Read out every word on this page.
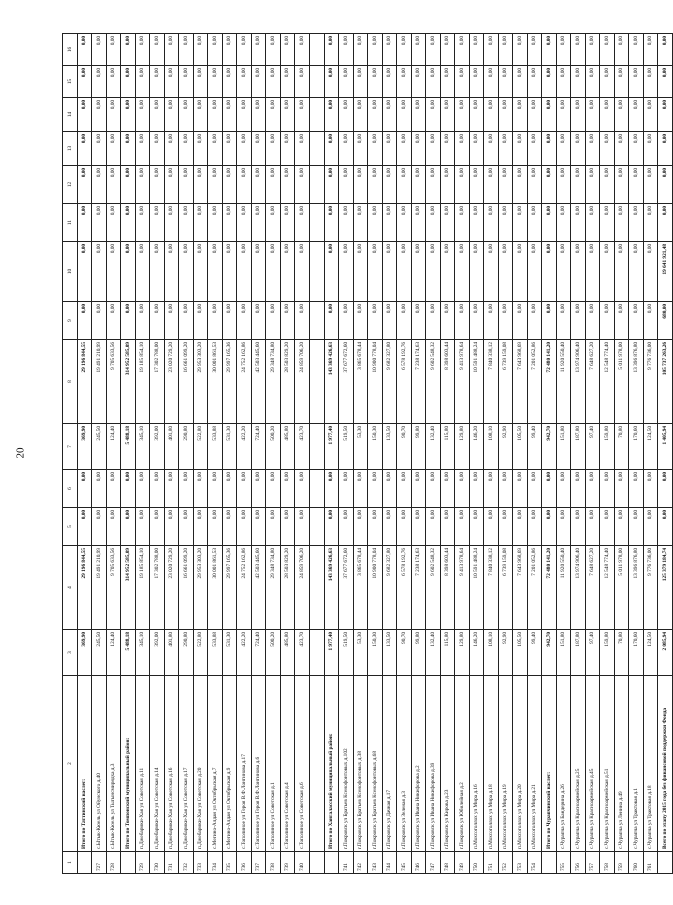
20
1	2	3	4	5	6	7	8	9	10	11	12	13	14	15	16
	Итого по Таттинский наслег:	369,90	29 196 844,55	0,00	0,00	369,90	29 196 844,55	0,00	0,00	0,00	0,00	0,00	0,00	0,00	0,00
727	с.Ытык-Кюель ул Ойунского д.40	245,50	19 491 210,99	0,00	0,00	245,50	19 491 210,99	0,00	0,00	0,00	0,00	0,00	0,00	0,00	0,00
728	с.Ытык-Кюель ул Тыгынсмирядха д.3	124,40	9 705 633,56	0,00	0,00	124,40	9 705 633,56	0,00	0,00	0,00	0,00	0,00	0,00	0,00	0,00
	Итого по Томпонский муниципальный район:	5 488,18	314 952 585,09	0,00	0,00	5 488,18	314 952 585,09	0,00	0,00	0,00	0,00	0,00	0,00	0,00	0,00
729	п.Джебарики-Хая ул Советская д.11	345,10	19 185 854,10	0,00	0,00	345,10	19 185 854,10	0,00	0,00	0,00	0,00	0,00	0,00	0,00	0,00
730	п.Джебарики-Хая ул Советская д.14	392,00	17 302 788,00	0,00	0,00	392,00	17 302 788,00	0,00	0,00	0,00	0,00	0,00	0,00	0,00	0,00
731	п.Джебарики-Хая ул Советская д.16	401,80	23 020 729,20	0,00	0,00	401,80	23 020 729,20	0,00	0,00	0,00	0,00	0,00	0,00	0,00	0,00
732	п.Джебарики-Хая ул Советская д.17	290,80	16 661 099,20	0,00	0,00	290,80	16 661 099,20	0,00	0,00	0,00	0,00	0,00	0,00	0,00	0,00
733	п.Джебарики-Хая ул Советская д.20	522,80	29 953 303,20	0,00	0,00	522,80	29 953 303,20	0,00	0,00	0,00	0,00	0,00	0,00	0,00	0,00
734	с.Мегино-Алдан ул Октябрьская д.7	533,88	30 001 861,53	0,00	0,00	533,88	30 001 861,53	0,00	0,00	0,00	0,00	0,00	0,00	0,00	0,00
735	с.Мегино-Алдан ул Октябрьская д.9	531,30	29 997 165,36	0,00	0,00	531,30	29 997 165,36	0,00	0,00	0,00	0,00	0,00	0,00	0,00	0,00
736	с.Тополиное ул Героя В.Ф.Лонгинова д.17	422,20	24 752 162,86	0,00	0,00	422,20	24 752 162,86	0,00	0,00	0,00	0,00	0,00	0,00	0,00	0,00
737	с.Тополиное ул Героя В.Ф.Лонгинова д.6	724,40	42 503 445,60	0,00	0,00	724,40	42 503 445,60	0,00	0,00	0,00	0,00	0,00	0,00	0,00	0,00
738	с.Тополиное ул Советская д.1	500,20	29 348 734,80	0,00	0,00	500,20	29 348 734,80	0,00	0,00	0,00	0,00	0,00	0,00	0,00	0,00
739	с.Тополиное ул Советская д.4	485,80	28 503 829,20	0,00	0,00	485,80	28 503 829,20	0,00	0,00	0,00	0,00	0,00	0,00	0,00	0,00
740	с.Тополиное ул Советская д.6	423,70	24 859 706,20	0,00	0,00	423,70	24 859 706,20	0,00	0,00	0,00	0,00	0,00	0,00	0,00	0,00

	Итого по Хангаласский муниципальный район:	1 977,40	143 369 426,63	0,00	0,00	1 977,40	143 369 426,63	0,00	0,00	0,00	0,00	0,00	0,00	0,00	0,00
741	г.Покровск ул Братьев Ксенофонтовых д.102	519,50	37 677 672,60	0,00	0,00	519,50	37 677 672,60	0,00	0,00	0,00	0,00	0,00	0,00	0,00	0,00
742	г.Покровск ул Братьев Ксенофонтовых д.38	53,30	3 865 678,44	0,00	0,00	53,30	3 865 678,44	0,00	0,00	0,00	0,00	0,00	0,00	0,00	0,00
743	г.Покровск ул Братьев Ксенофонтовых д.68	150,30	10 900 778,04	0,00	0,00	150,30	10 900 778,04	0,00	0,00	0,00	0,00	0,00	0,00	0,00	0,00
744	г.Покровск ул Дачная д.17	133,50	9 682 327,80	0,00	0,00	133,50	9 682 327,80	0,00	0,00	0,00	0,00	0,00	0,00	0,00	0,00
745	г.Покровск ул Зеленая д.3	90,70	6 578 192,76	0,00	0,00	90,70	6 578 192,76	0,00	0,00	0,00	0,00	0,00	0,00	0,00	0,00
746	г.Покровск ул Ивана Никифорова д.2	99,80	7 238 174,63	0,00	0,00	99,80	7 238 174,63	0,00	0,00	0,00	0,00	0,00	0,00	0,00	0,00
747	г.Покровск ул Ивана Никифорова д.39	132,40	9 602 548,32	0,00	0,00	132,40	9 602 548,32	0,00	0,00	0,00	0,00	0,00	0,00	0,00	0,00
748	г.Покровск ул Кирова д.23	115,80	8 398 603,44	0,00	0,00	115,80	8 398 603,44	0,00	0,00	0,00	0,00	0,00	0,00	0,00	0,00
749	г.Покровск ул Юбилейная д.2	129,80	9 413 978,64	0,00	0,00	129,80	9 413 978,64	0,00	0,00	0,00	0,00	0,00	0,00	0,00	0,00
750	п.Мохсоголлох ул Мира д.16	146,20	10 591 488,24	0,00	0,00	146,20	10 591 488,24	0,00	0,00	0,00	0,00	0,00	0,00	0,00	0,00
751	п.Мохсоголлох ул Мира д.18	108,10	7 840 338,12	0,00	0,00	108,10	7 840 338,12	0,00	0,00	0,00	0,00	0,00	0,00	0,00	0,00
752	п.Мохсоголлох ул Мира д.19	92,90	6 739 159,08	0,00	0,00	92,90	6 739 159,08	0,00	0,00	0,00	0,00	0,00	0,00	0,00	0,00
753	п.Мохсоголлох ул Мира д.20	105,50	7 643 968,69	0,00	0,00	105,50	7 643 968,69	0,00	0,00	0,00	0,00	0,00	0,00	0,00	0,00
754	п.Мохсоголлох ул Мира д.21	99,40	7 201 052,86	0,00	0,00	99,40	7 201 052,86	0,00	0,00	0,00	0,00	0,00	0,00	0,00	0,00
	Итого по Чурапчинский наслег:	942,70	72 480 141,20	0,00	0,00	942,70	72 480 141,20	0,00	0,00	0,00	0,00	0,00	0,00	0,00	0,00
755	с.Чурапча ул Бандерина д.26	151,80	11 920 550,40	0,00	0,00	151,80	11 920 550,40	0,00	0,00	0,00	0,00	0,00	0,00	0,00	0,00
756	с.Чурапча ул Красноармейская д.25	187,80	13 974 906,40	0,00	0,00	187,80	13 974 906,40	0,00	0,00	0,00	0,00	0,00	0,00	0,00	0,00
757	с.Чурапча ул Красноармейская д.45	97,40	7 648 627,20	0,00	0,00	97,40	7 648 627,20	0,00	0,00	0,00	0,00	0,00	0,00	0,00	0,00
758	с.Чурапча ул Красноармейская д.51	159,80	12 548 774,40	0,00	0,00	159,80	12 548 774,40	0,00	0,00	0,00	0,00	0,00	0,00	0,00	0,00
759	с.Чурапча ул Ленина д.49	70,80	5 011 978,00	0,00	0,00	70,80	5 011 978,00	0,00	0,00	0,00	0,00	0,00	0,00	0,00	0,00
760	с.Чурапча ул Трактовая д.1	170,60	13 396 876,80	0,00	0,00	170,60	13 396 876,80	0,00	0,00	0,00	0,00	0,00	0,00	0,00	0,00
761	с.Чурапча ул Трактовая д.18	124,50	9 776 736,00	0,00	0,00	124,50	9 776 736,00	0,00	0,00	0,00	0,00	0,00	0,00	0,00	0,00
	Всего по этапу 2015 года без финансовой поддержки Фонда	2 085,94	125 379 184,74	0,00	0,00	1 405,94	105 737 263,26	680,00	19 641 921,48	0,00	0,00	0,00	0,00	0,00	0,00
